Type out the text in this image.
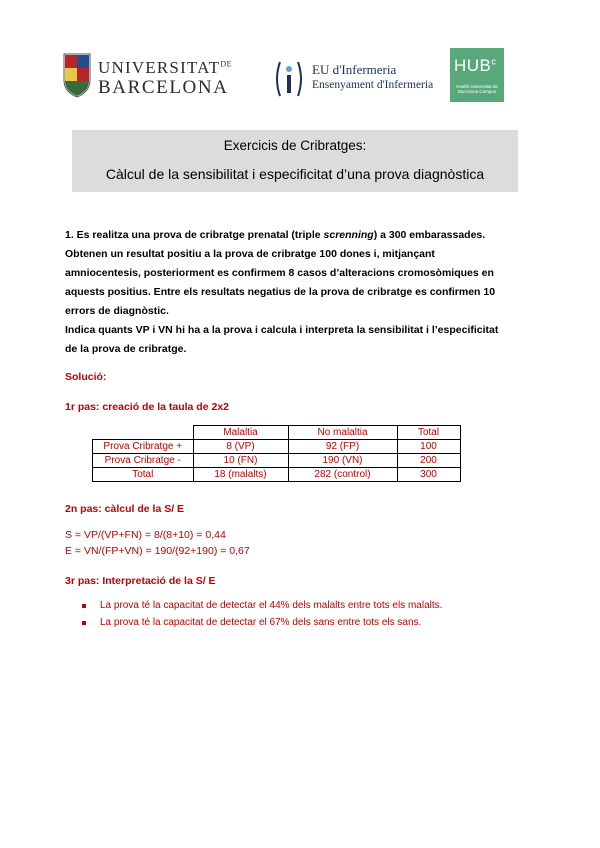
$UNIVERSITAT^{DE}$
BARCELONA
EU d'Infermeria
Ensenyament d'Infermeria
HUB$^c$
Health Universitat de Barcelona Campus
Exercicis de Cribratges:
Càlcul de la sensibilitat i especificitat d’una prova diagnòstica
1. Es realitza una prova de cribratge prenatal (triple screnning) a 300 embarassades.
Obtenen un resultat positiu a la prova de cribratge 100 dones i, mitjançant
amniocentesis, posteriorment es confirmem 8 casos d’alteracions cromosòmiques en
aquests positius. Entre els resultats negatius de la prova de cribratge es confirmen 10
errors de diagnòstic.
Indica quants VP i VN hi ha a la prova i calcula i interpreta la sensibilitat i l’especificitat
de la prova de cribratge.
Solució:
1r pas: creació de la taula de 2x2
	Malaltia	No malaltia	Total
Prova Cribratge +	8 (VP)	92 (FP)	100
Prova Cribratge -	10 (FN)	190 (VN)	200
Total	18 (malalts)	282 (control)	300
2n pas: càlcul de la S/ E
S = VP/(VP+FN) = 8/(8+10) = 0,44
E = VN/(FP+VN) = 190/(92+190) = 0,67
3r pas: Interpretació de la S/ E
La prova té la capacitat de detectar el 44% dels malalts entre tots els malalts.
La prova té la capacitat de detectar el 67% dels sans entre tots els sans.
